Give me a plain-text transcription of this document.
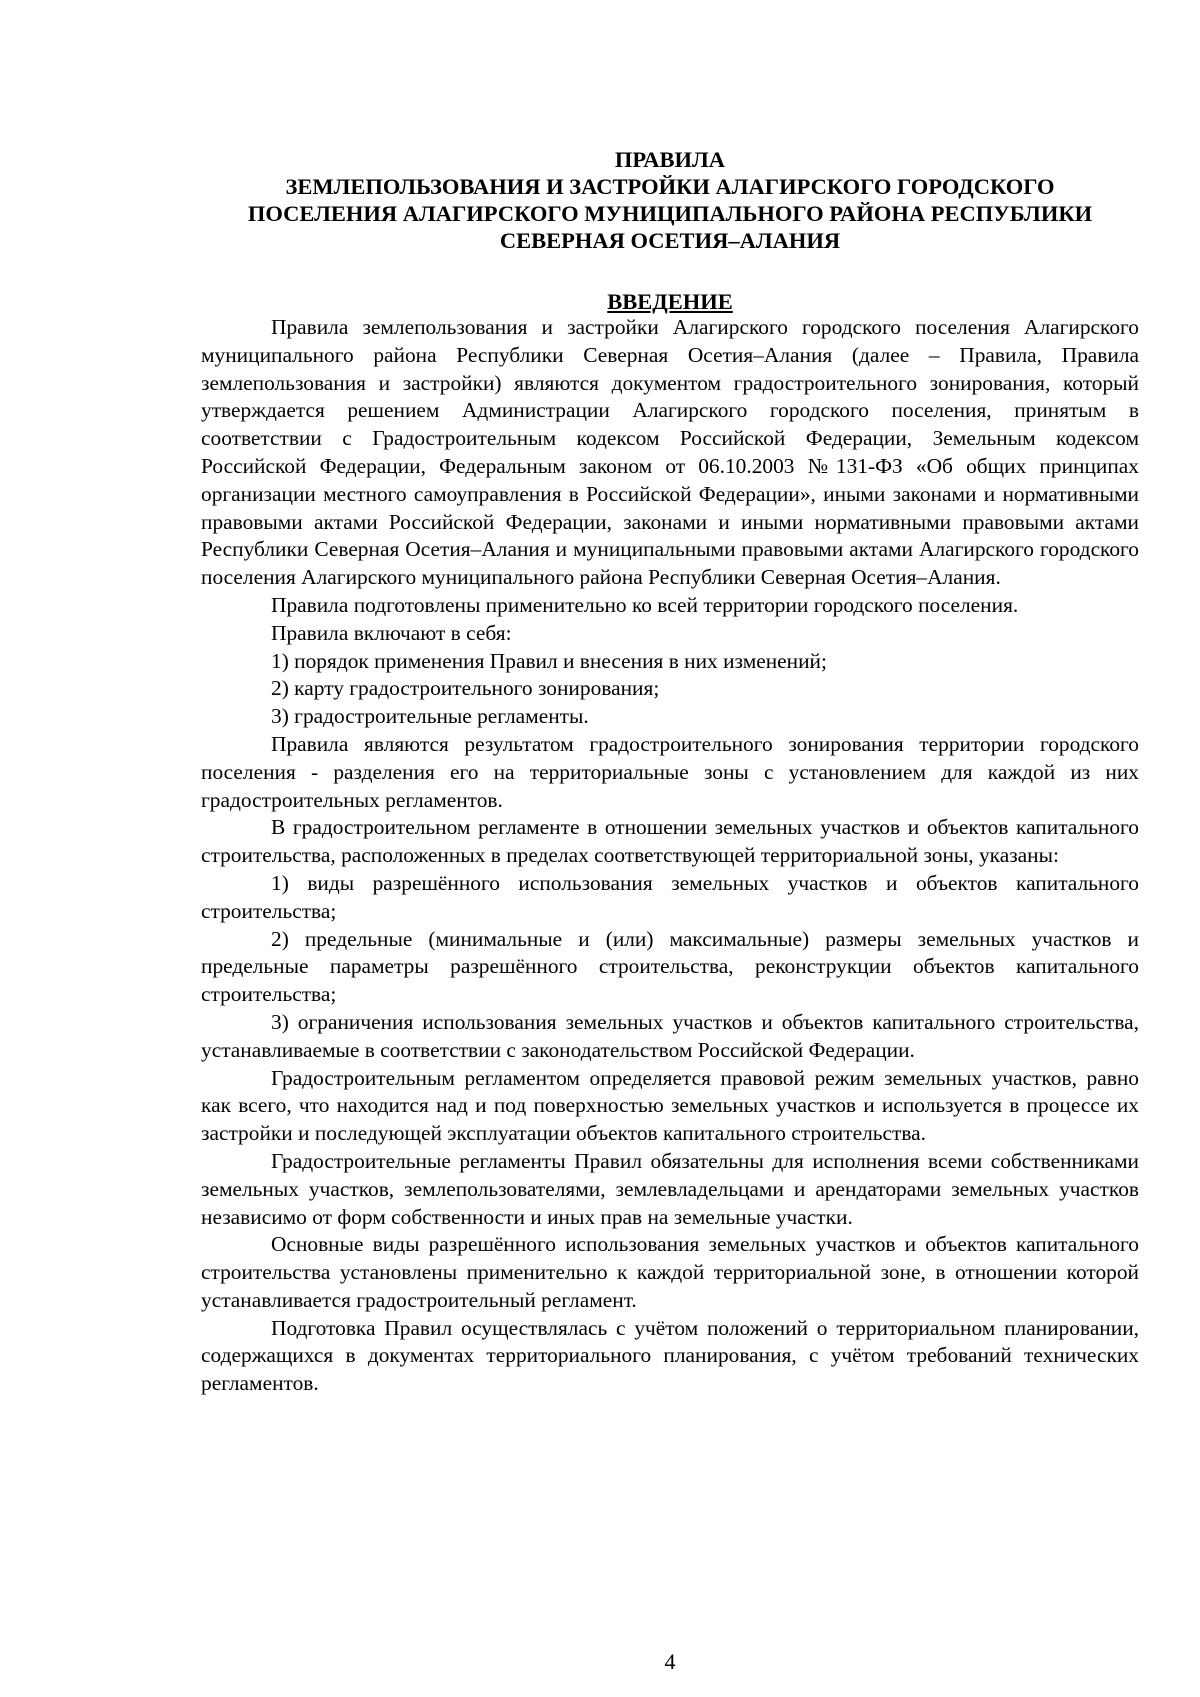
ПРАВИЛА
ЗЕМЛЕПОЛЬЗОВАНИЯ И ЗАСТРОЙКИ АЛАГИРСКОГО ГОРОДСКОГО
ПОСЕЛЕНИЯ АЛАГИРСКОГО МУНИЦИПАЛЬНОГО РАЙОНА РЕСПУБЛИКИ
СЕВЕРНАЯ ОСЕТИЯ–АЛАНИЯ
ВВЕДЕНИЕ

Правила землепользования и застройки Алагирского городского поселения Алагирского муниципального района Республики Северная Осетия–Алания (далее – Правила, Правила землепользования и застройки) являются документом градостроительного зонирования, который утверждается решением Администрации Алагирского городского поселения, принятым в соответствии с Градостроительным кодексом Российской Федерации, Земельным кодексом Российской Федерации, Федеральным законом от 06.10.2003 №131-ФЗ «Об общих принципах организации местного самоуправления в Российской Федерации», иными законами и нормативными правовыми актами Российской Федерации, законами и иными нормативными правовыми актами Республики Северная Осетия–Алания и муниципальными правовыми актами Алагирского городского поселения Алагирского муниципального района Республики Северная Осетия–Алания.

Правила подготовлены применительно ко всей территории городского поселения.

Правила включают в себя:

1) порядок применения Правил и внесения в них изменений;

2) карту градостроительного зонирования;

3) градостроительные регламенты.

Правила являются результатом градостроительного зонирования территории городского поселения - разделения его на территориальные зоны с установлением для каждой из них градостроительных регламентов.

В градостроительном регламенте в отношении земельных участков и объектов капитального строительства, расположенных в пределах соответствующей территориальной зоны, указаны:

1) виды разрешённого использования земельных участков и объектов капитального строительства;

2) предельные (минимальные и (или) максимальные) размеры земельных участков и предельные параметры разрешённого строительства, реконструкции объектов капитального строительства;

3) ограничения использования земельных участков и объектов капитального строительства, устанавливаемые в соответствии с законодательством Российской Федерации.

Градостроительным регламентом определяется правовой режим земельных участков, равно как всего, что находится над и под поверхностью земельных участков и используется в процессе их застройки и последующей эксплуатации объектов капитального строительства.

Градостроительные регламенты Правил обязательны для исполнения всеми собственниками земельных участков, землепользователями, землевладельцами и арендаторами земельных участков независимо от форм собственности и иных прав на земельные участки.

Основные виды разрешённого использования земельных участков и объектов капитального строительства установлены применительно к каждой территориальной зоне, в отношении которой устанавливается градостроительный регламент.

Подготовка Правил осуществлялась с учётом положений о территориальном планировании, содержащихся в документах территориального планирования, с учётом требований технических регламентов.

4
